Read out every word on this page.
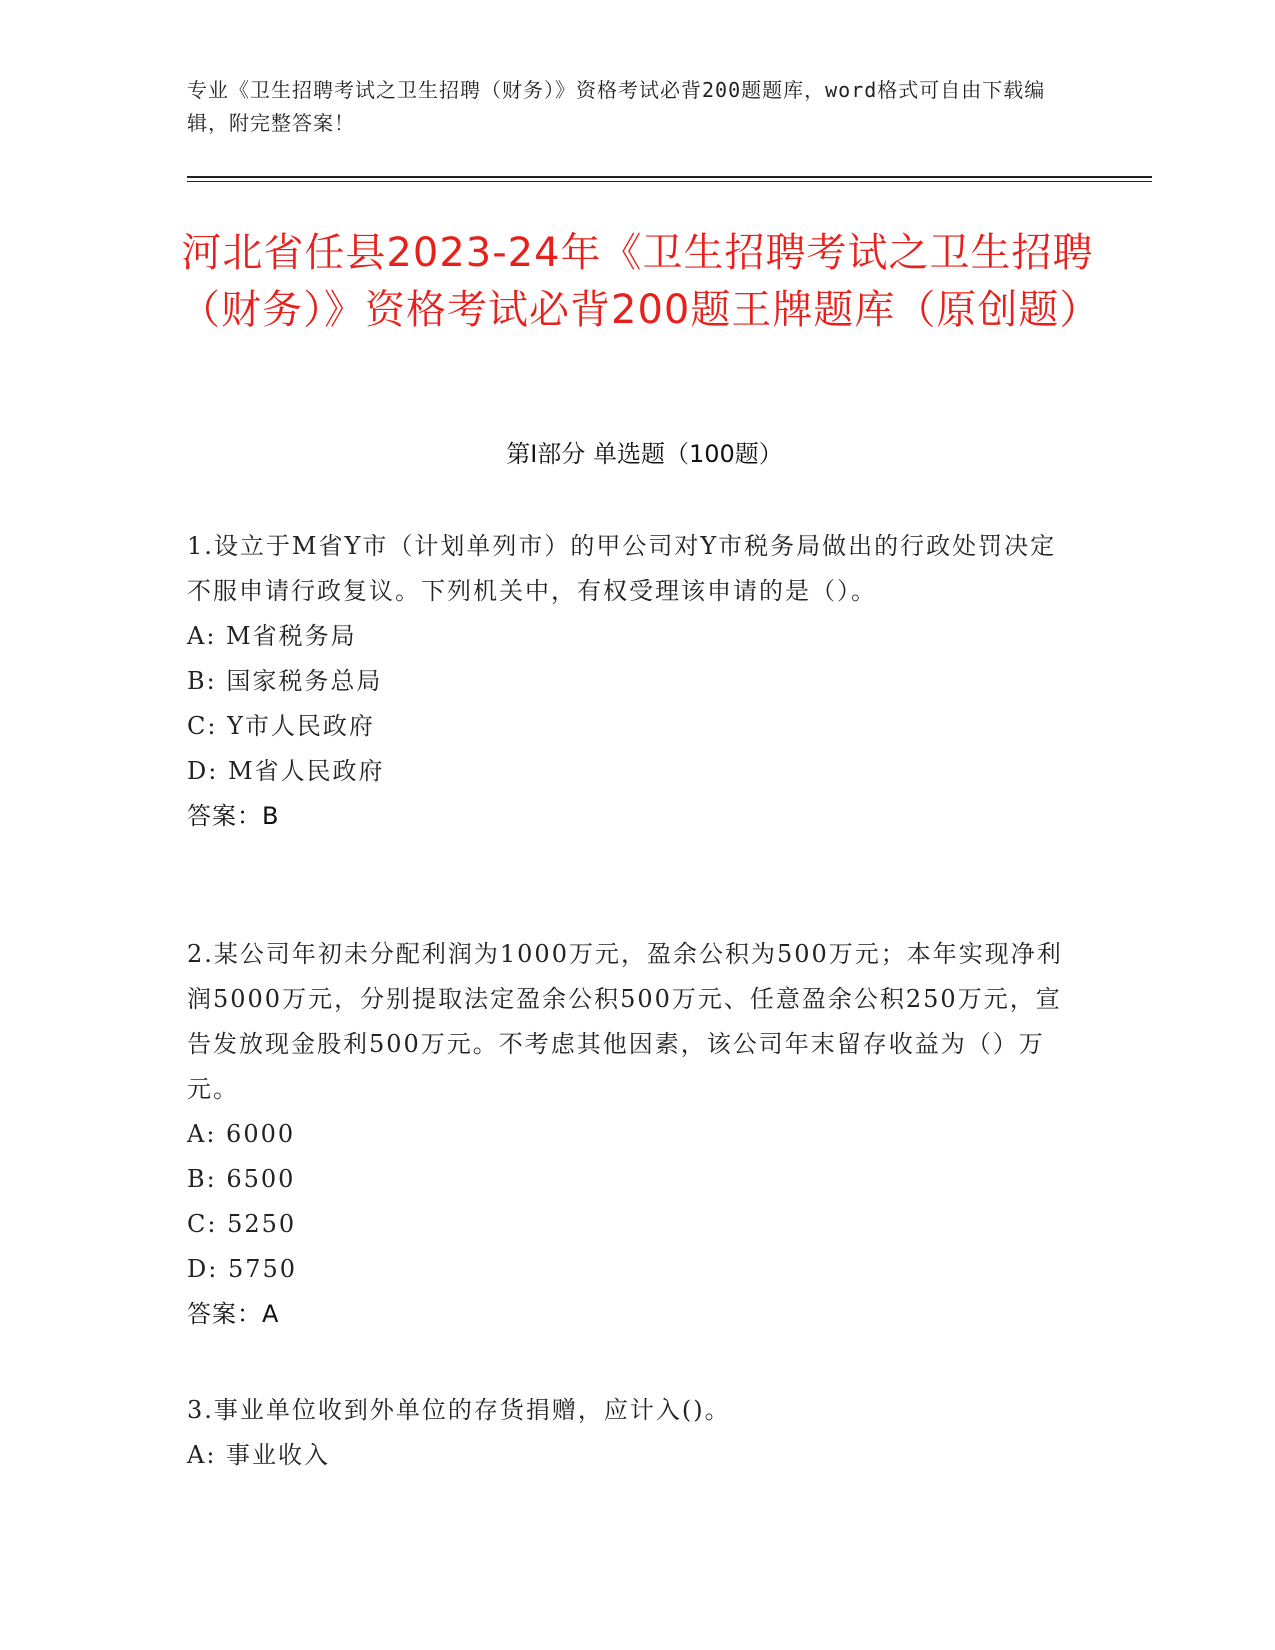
专业《卫生招聘考试之卫生招聘（财务）》资格考试必背200题题库，word格式可自由下载编辑，附完整答案！
河北省任县2023-24年《卫生招聘考试之卫生招聘（财务）》资格考试必背200题王牌题库（原创题）
第I部分 单选题（100题）
1.设立于M省Y市（计划单列市）的甲公司对Y市税务局做出的行政处罚决定不服申请行政复议。下列机关中，有权受理该申请的是（）。
A: M省税务局
B: 国家税务总局
C: Y市人民政府
D: M省人民政府
答案：B
2.某公司年初未分配利润为1000万元，盈余公积为500万元；本年实现净利润5000万元，分别提取法定盈余公积500万元、任意盈余公积250万元，宣告发放现金股利500万元。不考虑其他因素，该公司年末留存收益为（）万元。
A: 6000
B: 6500
C: 5250
D: 5750
答案：A
3.事业单位收到外单位的存货捐赠，应计入()。
A: 事业收入
